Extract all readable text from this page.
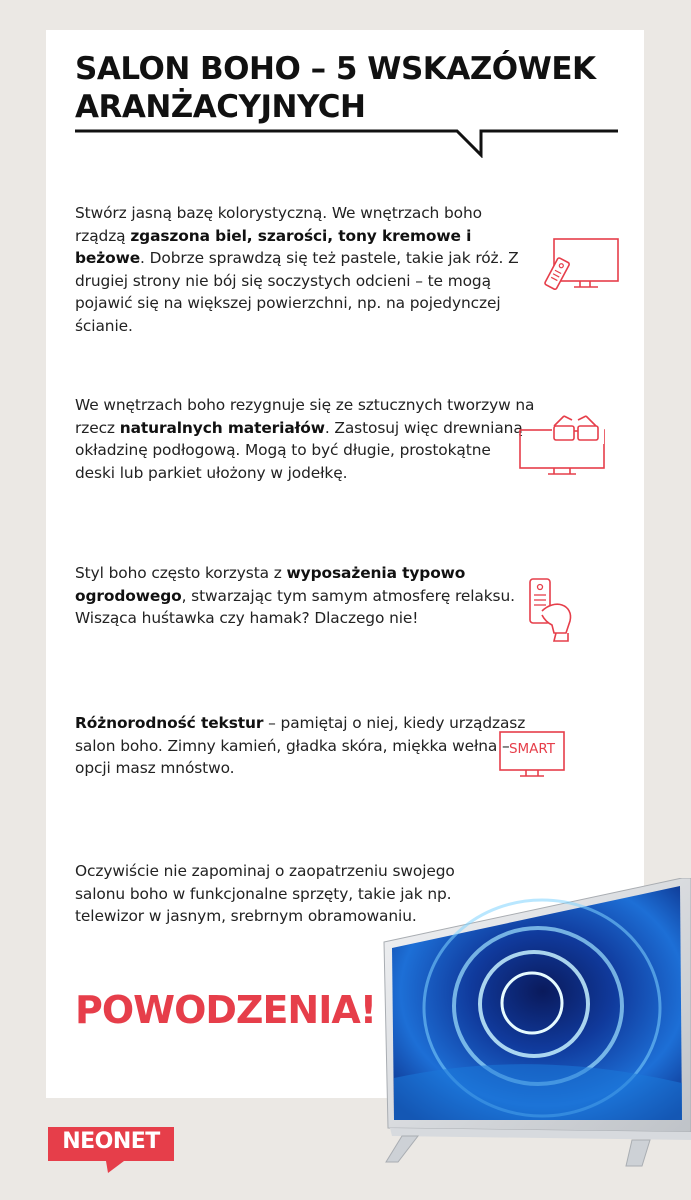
SALON BOHO – 5 WSKAZÓWEK
ARANŻACYJNYCH
Stwórz jasną bazę kolorystyczną. We wnętrzach boho rządzą zgaszona biel, szarości, tony kremowe i beżowe. Dobrze sprawdzą się też pastele, takie jak róż. Z drugiej strony nie bój się soczystych odcieni – te mogą pojawić się na większej powierzchni, np. na pojedynczej ścianie.
We wnętrzach boho rezygnuje się ze sztucznych tworzyw na rzecz naturalnych materiałów. Zastosuj więc drewnianą okładzinę podłogową. Mogą to być długie, prostokątne deski lub parkiet ułożony w jodełkę.
Styl boho często korzysta z wyposażenia typowo ogrodowego, stwarzając tym samym atmosferę relaksu. Wisząca huśtawka czy hamak? Dlaczego nie!
Różnorodność tekstur – pamiętaj o niej, kiedy urządzasz salon boho. Zimny kamień, gładka skóra, miękka wełna – opcji masz mnóstwo.
SMART
Oczywiście nie zapominaj o zaopatrzeniu swojego salonu boho w funkcjonalne sprzęty, takie jak np. telewizor w jasnym, srebrnym obramowaniu.
POWODZENIA!
NEONET
